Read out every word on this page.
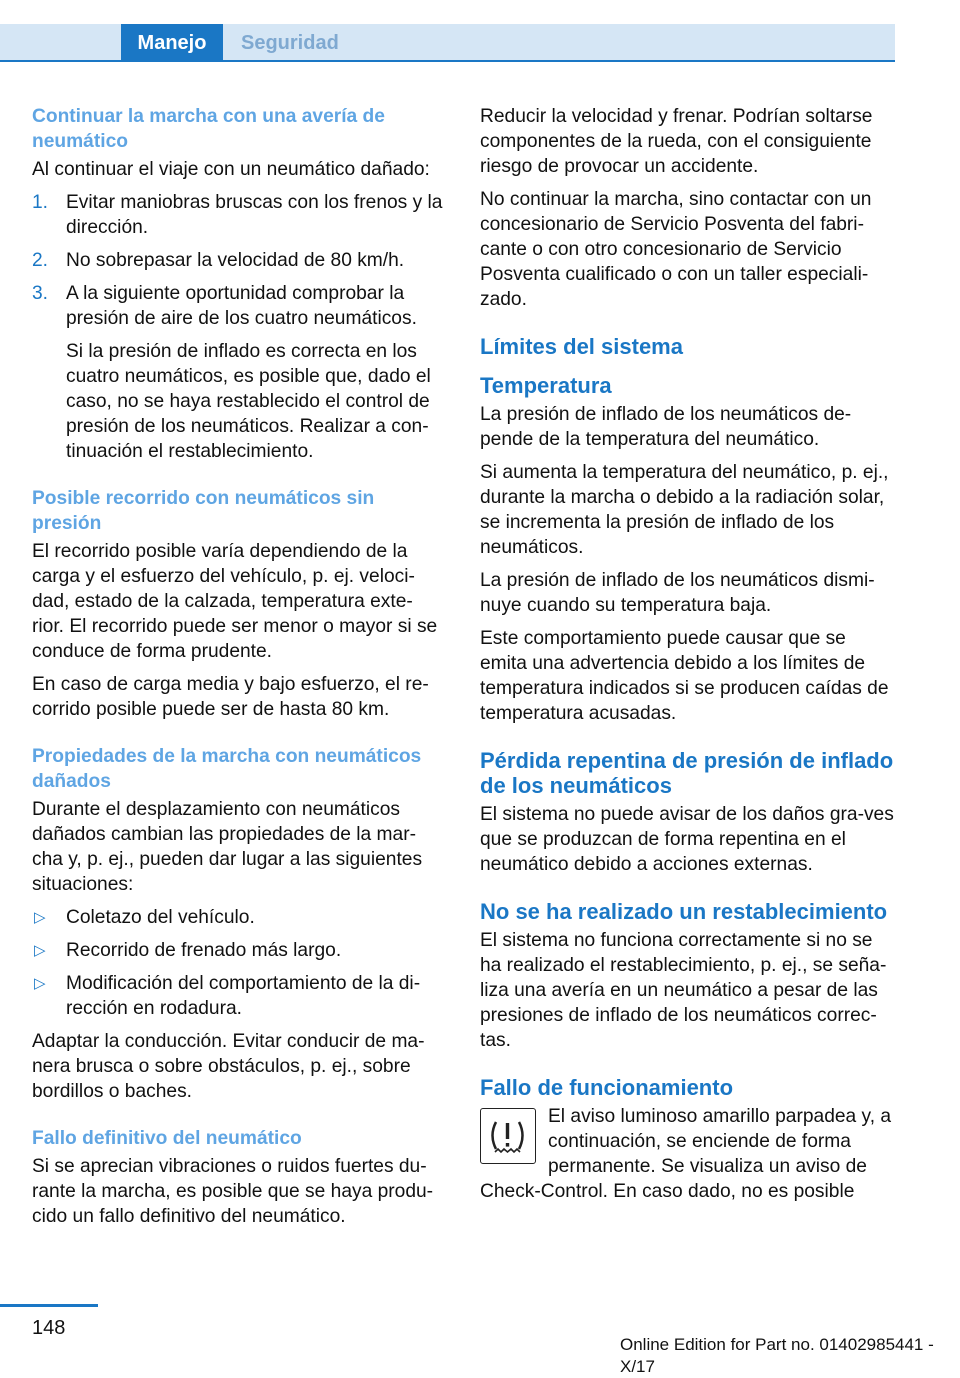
Manejo	Seguridad
Continuar la marcha con una avería de neumático

Al continuar el viaje con un neumático dañado:

1. Evitar maniobras bruscas con los frenos y la dirección.
2. No sobrepasar la velocidad de 80 km/h.
3. A la siguiente oportunidad comprobar la presión de aire de los cuatro neumáticos.
Si la presión de inflado es correcta en los cuatro neumáticos, es posible que, dado el caso, no se haya restablecido el control de presión de los neumáticos. Realizar a con‐tinuación el restablecimiento.
Posible recorrido con neumáticos sin presión

El recorrido posible varía dependiendo de la carga y el esfuerzo del vehículo, p. ej. veloci‐dad, estado de la calzada, temperatura exte‐rior. El recorrido puede ser menor o mayor si se conduce de forma prudente.

En caso de carga media y bajo esfuerzo, el re‐corrido posible puede ser de hasta 80 km.

Propiedades de la marcha con neumáticos dañados

Durante el desplazamiento con neumáticos dañados cambian las propiedades de la mar‐cha y, p. ej., pueden dar lugar a las siguientes situaciones:

▷ Coletazo del vehículo.
▷ Recorrido de frenado más largo.
▷ Modificación del comportamiento de la di‐rección en rodadura.

Adaptar la conducción. Evitar conducir de ma‐nera brusca o sobre obstáculos, p. ej., sobre bordillos o baches.

Fallo definitivo del neumático

Si se aprecian vibraciones o ruidos fuertes du‐rante la marcha, es posible que se haya produ‐cido un fallo definitivo del neumático.

Reducir la velocidad y frenar. Podrían soltarse componentes de la rueda, con el consiguiente riesgo de provocar un accidente.

No continuar la marcha, sino contactar con un concesionario de Servicio Posventa del fabri‐cante o con otro concesionario de Servicio Posventa cualificado o con un taller especiali‐zado.

Límites del sistema
Temperatura

La presión de inflado de los neumáticos de‐pende de la temperatura del neumático.

Si aumenta la temperatura del neumático, p. ej., durante la marcha o debido a la radiación solar, se incrementa la presión de inflado de los neumáticos.

La presión de inflado de los neumáticos dismi‐nuye cuando su temperatura baja.

Este comportamiento puede causar que se emita una advertencia debido a los límites de temperatura indicados si se producen caídas de temperatura acusadas.

Pérdida repentina de presión de inflado de los neumáticos

El sistema no puede avisar de los daños gra‐ves que se produzcan de forma repentina en el neumático debido a acciones externas.

No se ha realizado un restablecimiento

El sistema no funciona correctamente si no se ha realizado el restablecimiento, p. ej., se seña‐liza una avería en un neumático a pesar de las presiones de inflado de los neumáticos correc‐tas.

Fallo de funcionamiento
El aviso luminoso amarillo parpadea y, a continuación, se enciende de forma permanente. Se visualiza un aviso de Check-Control. En caso dado, no es posible
148
Online Edition for Part no. 01402985441 - X/17
